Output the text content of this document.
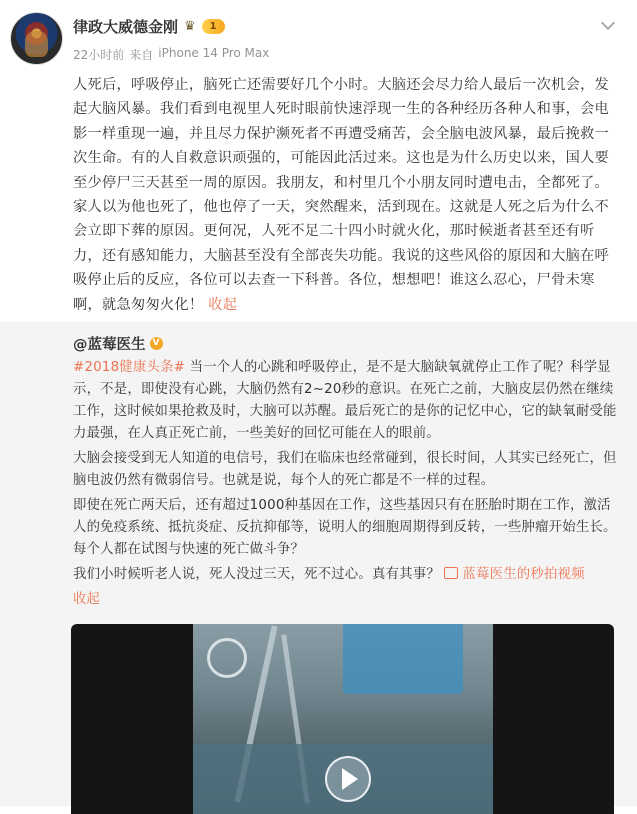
律政大威德金刚 ♛	1
22小时前 来自 iPhone 14 Pro Max
人死后，呼吸停止，脑死亡还需要好几个小时。大脑还会尽力给人最后一次机会，发起大脑风暴。我们看到电视里人死时眼前快速浮现一生的各种经历各种人和事，会电影一样重现一遍，并且尽力保护濒死者不再遭受痛苦，会全脑电波风暴，最后挽救一次生命。有的人自救意识顽强的，可能因此活过来。这也是为什么历史以来，国人要至少停尸三天甚至一周的原因。我朋友，和村里几个小朋友同时遭电击，全都死了。家人以为他也死了，他也停了一天，突然醒来，活到现在。这就是人死之后为什么不会立即下葬的原因。更何况，人死不足二十四小时就火化，那时候逝者甚至还有听力，还有感知能力，大脑甚至没有全部丧失功能。我说的这些风俗的原因和大脑在呼吸停止后的反应，各位可以去查一下科普。各位，想想吧！谁这么忍心，尸骨未寒啊，就急匆匆火化！ 收起
@蓝莓医生 V

#2018健康头条# 当一个人的心跳和呼吸停止，是不是大脑缺氧就停止工作了呢？科学显示，不是，即使没有心跳，大脑仍然有2~20秒的意识。在死亡之前，大脑皮层仍然在继续工作，这时候如果抢救及时，大脑可以苏醒。最后死亡的是你的记忆中心，它的缺氧耐受能力最强，在人真正死亡前，一些美好的回忆可能在人的眼前。

大脑会接受到无人知道的电信号，我们在临床也经常碰到，很长时间，人其实已经死亡，但脑电波仍然有微弱信号。也就是说，每个人的死亡都是不一样的过程。

即使在死亡两天后，还有超过1000种基因在工作，这些基因只有在胚胎时期在工作，激活人的免疫系统、抵抗炎症、反抗抑郁等，说明人的细胞周期得到反转，一些肿瘤开始生长。每个人都在试图与快速的死亡做斗争？

我们小时候听老人说，死人没过三天，死不过心。真有其事？ 蓝莓医生的秒拍视频

收起
